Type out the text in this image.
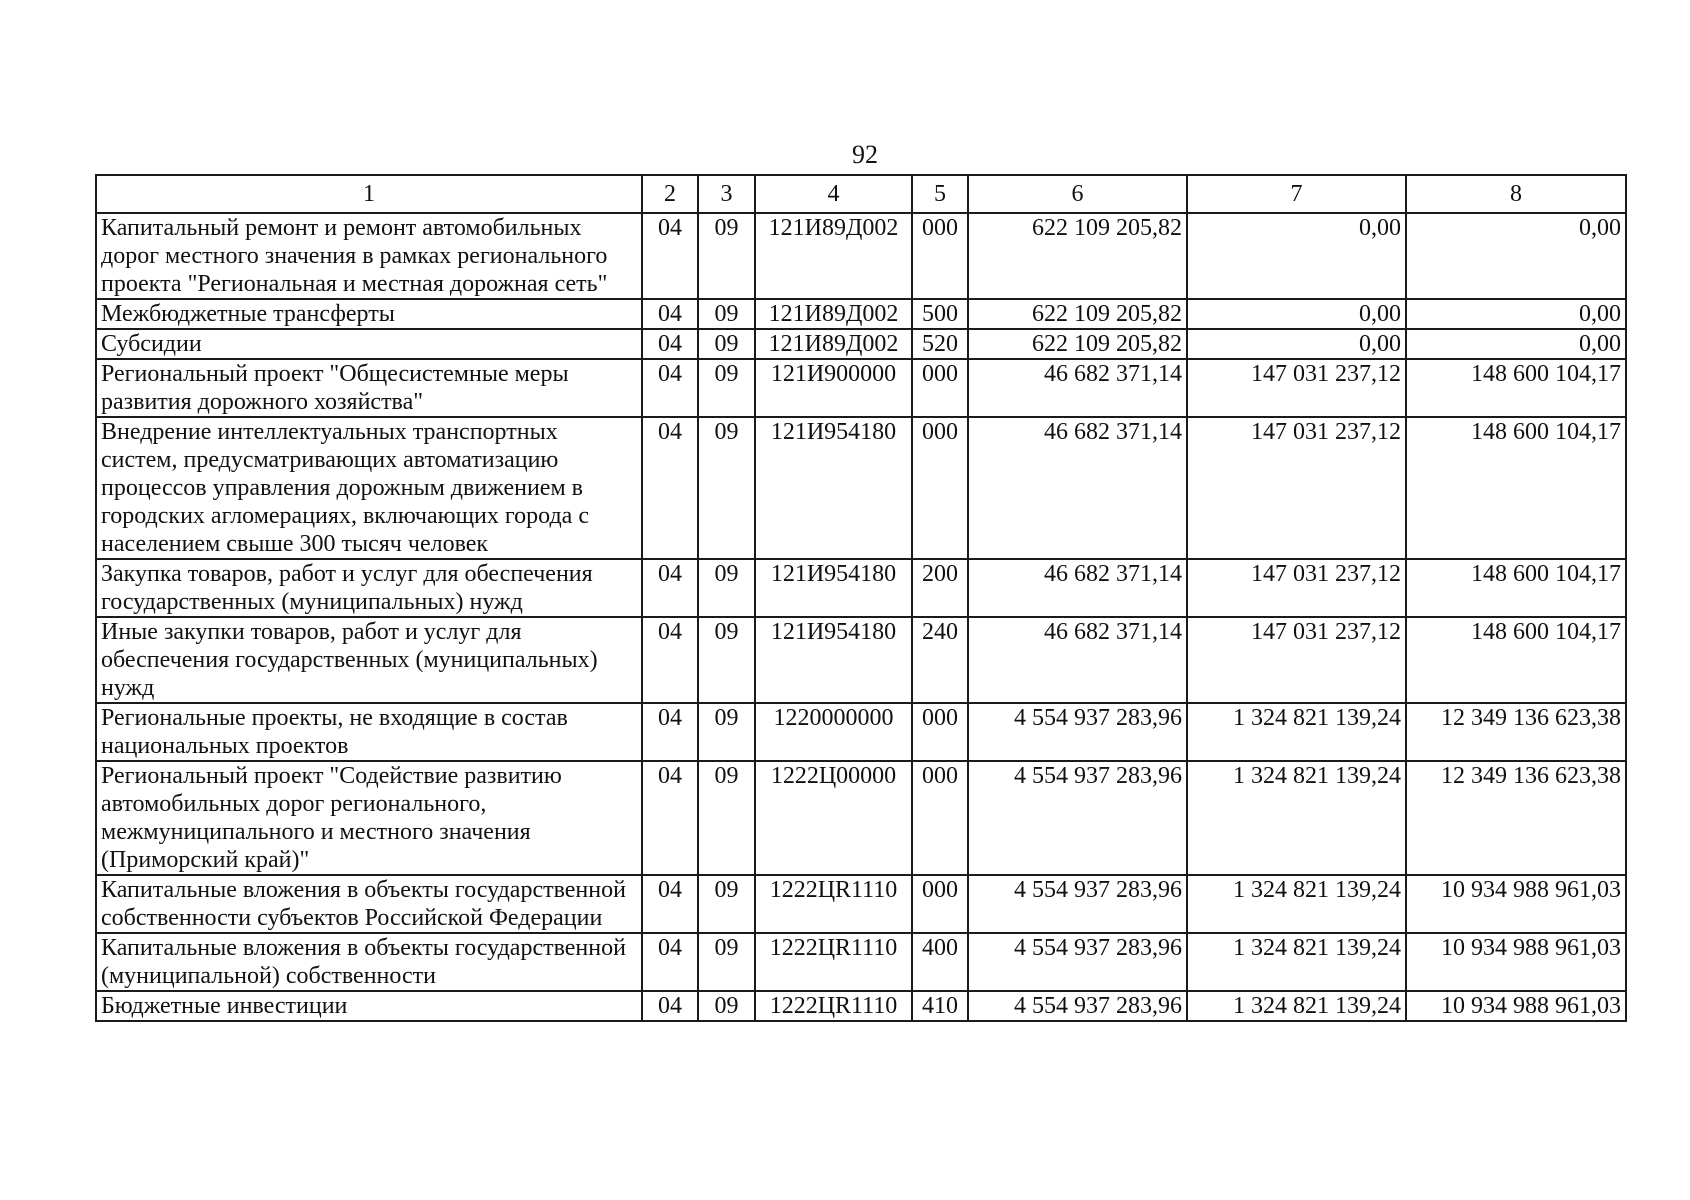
92
1	2	3	4	5	6	7	8
Капитальный ремонт и ремонт автомобильных дорог местного значения в рамках регионального проекта "Региональная и местная дорожная сеть"	04	09	121И89Д002	000	622 109 205,82	0,00	0,00
Межбюджетные трансферты	04	09	121И89Д002	500	622 109 205,82	0,00	0,00
Субсидии	04	09	121И89Д002	520	622 109 205,82	0,00	0,00
Региональный проект "Общесистемные меры развития дорожного хозяйства"	04	09	121И900000	000	46 682 371,14	147 031 237,12	148 600 104,17
Внедрение интеллектуальных транспортных систем, предусматривающих автоматизацию процессов управления дорожным движением в городских агломерациях, включающих города с населением свыше 300 тысяч человек	04	09	121И954180	000	46 682 371,14	147 031 237,12	148 600 104,17
Закупка товаров, работ и услуг для обеспечения государственных (муниципальных) нужд	04	09	121И954180	200	46 682 371,14	147 031 237,12	148 600 104,17
Иные закупки товаров, работ и услуг для обеспечения государственных (муниципальных) нужд	04	09	121И954180	240	46 682 371,14	147 031 237,12	148 600 104,17
Региональные проекты, не входящие в состав национальных проектов	04	09	1220000000	000	4 554 937 283,96	1 324 821 139,24	12 349 136 623,38
Региональный проект "Содействие развитию автомобильных дорог регионального, межмуниципального и местного значения (Приморский край)"	04	09	1222Ц00000	000	4 554 937 283,96	1 324 821 139,24	12 349 136 623,38
Капитальные вложения в объекты государственной собственности субъектов Российской Федерации	04	09	1222ЦR1110	000	4 554 937 283,96	1 324 821 139,24	10 934 988 961,03
Капитальные вложения в объекты государственной (муниципальной) собственности	04	09	1222ЦR1110	400	4 554 937 283,96	1 324 821 139,24	10 934 988 961,03
Бюджетные инвестиции	04	09	1222ЦR1110	410	4 554 937 283,96	1 324 821 139,24	10 934 988 961,03
